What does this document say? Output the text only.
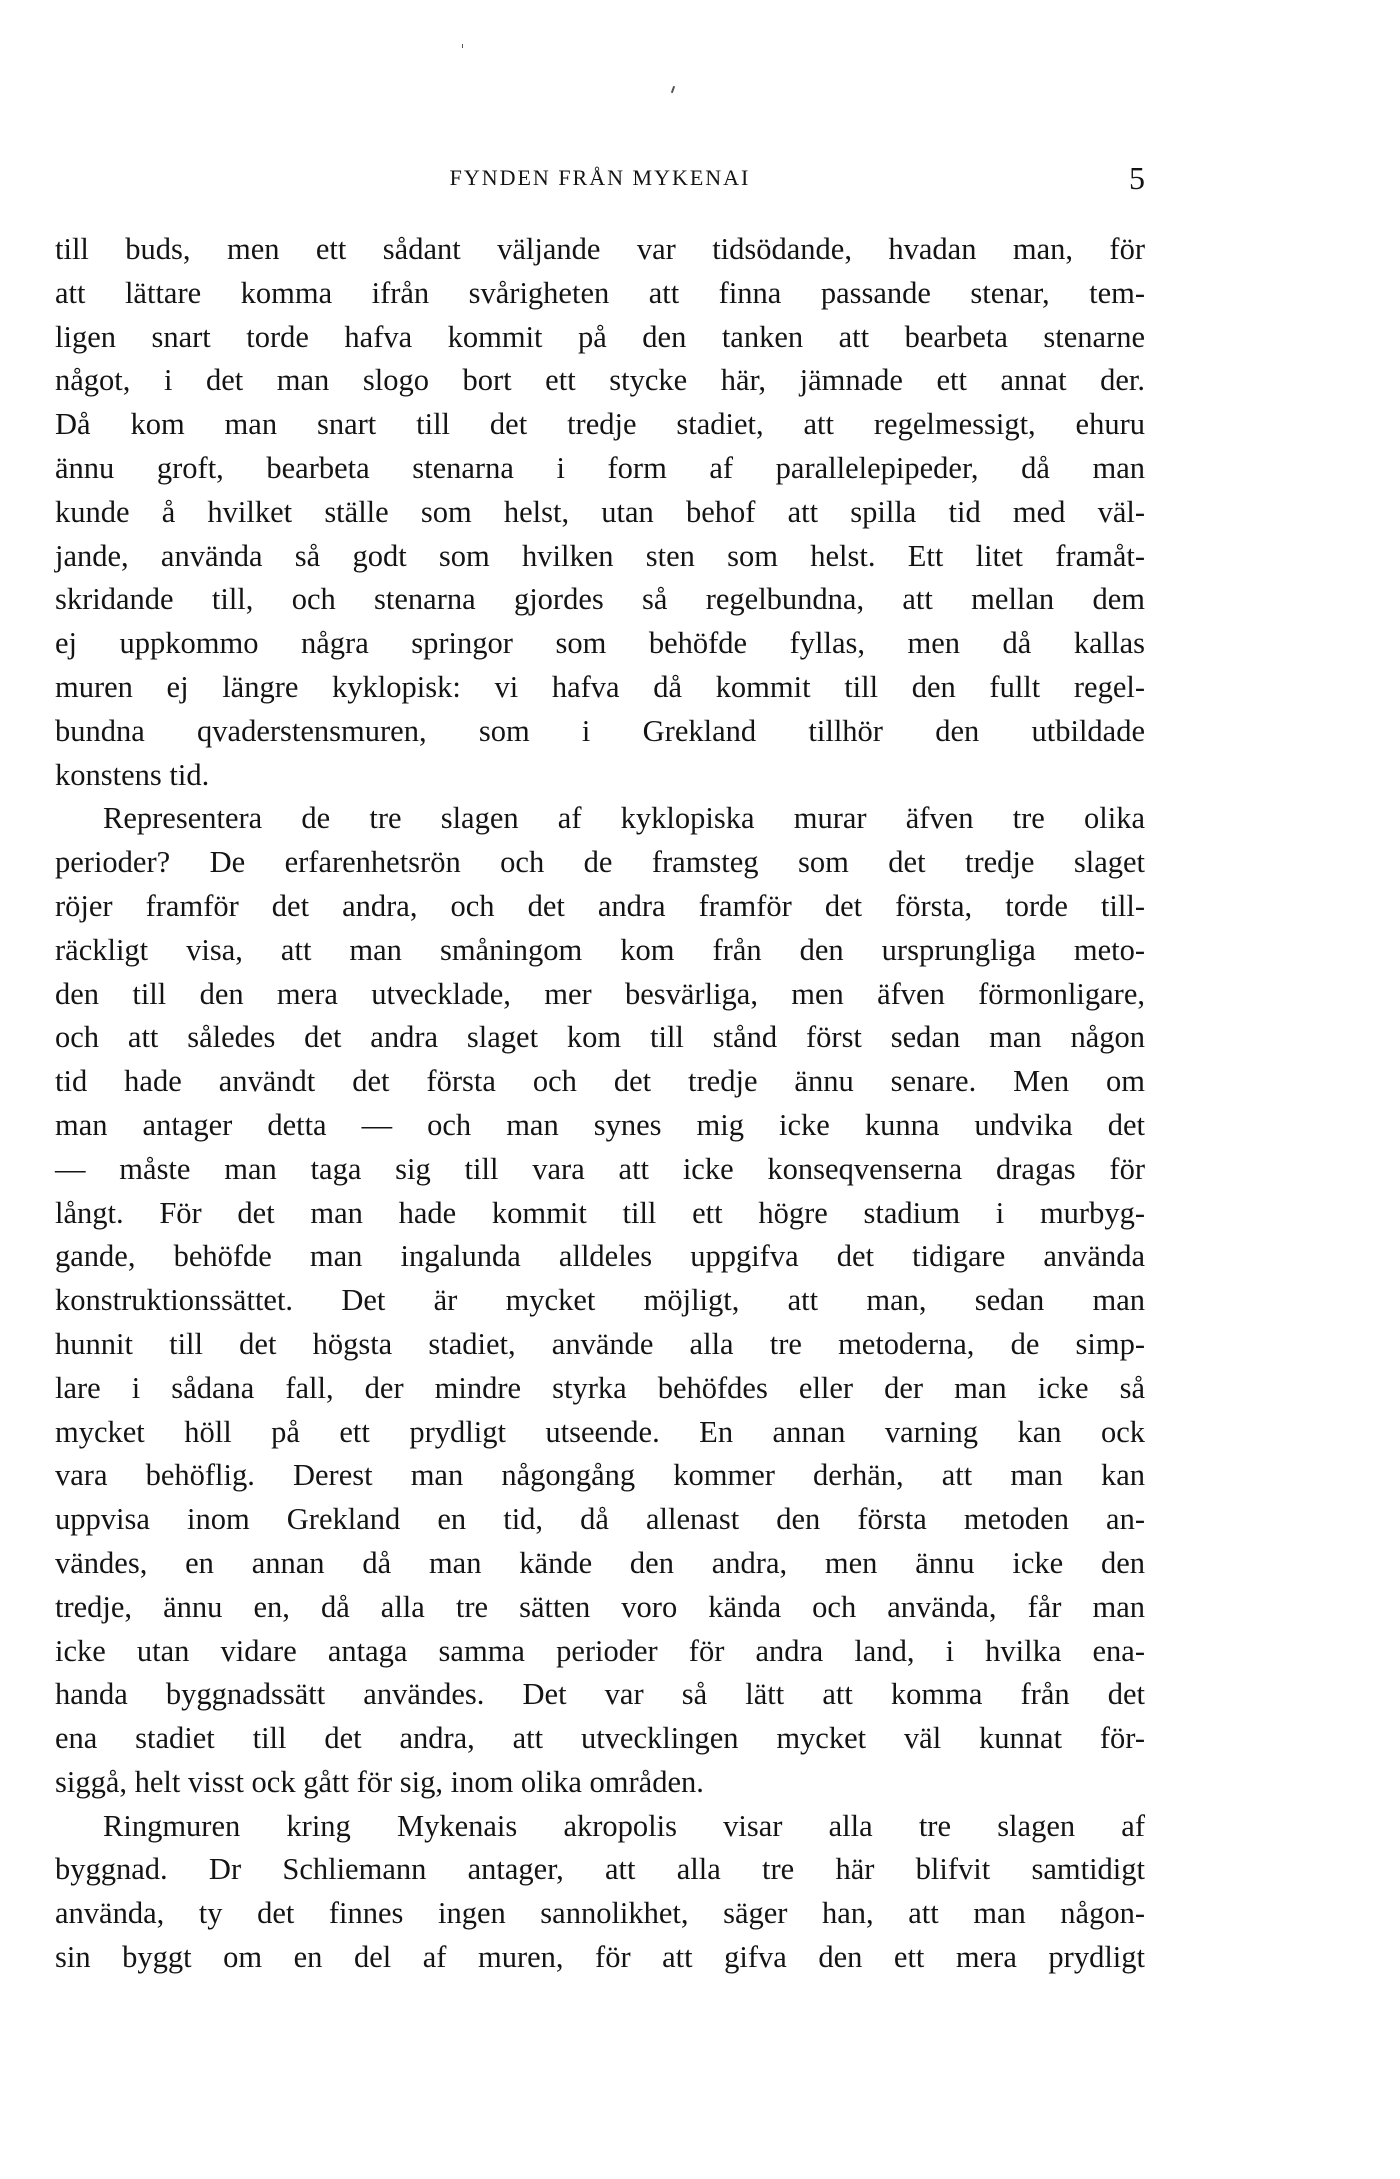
FYNDEN FRÅN MYKENAI	5
till buds, men ett sådant väljande var tidsödande, hvadan man, för
att lättare komma ifrån svårigheten att finna passande stenar, tem-
ligen snart torde hafva kommit på den tanken att bearbeta stenarne
något, i det man slogo bort ett stycke här, jämnade ett annat der.
Då kom man snart till det tredje stadiet, att regelmessigt, ehuru
ännu groft, bearbeta stenarna i form af parallelepipeder, då man
kunde å hvilket ställe som helst, utan behof att spilla tid med väl-
jande, använda så godt som hvilken sten som helst. Ett litet framåt-
skridande till, och stenarna gjordes så regelbundna, att mellan dem
ej uppkommo några springor som behöfde fyllas, men då kallas
muren ej längre kyklopisk: vi hafva då kommit till den fullt regel-
bundna qvaderstensmuren, som i Grekland tillhör den utbildade
konstens tid.
Representera de tre slagen af kyklopiska murar äfven tre olika
perioder? De erfarenhetsrön och de framsteg som det tredje slaget
röjer framför det andra, och det andra framför det första, torde till-
räckligt visa, att man småningom kom från den ursprungliga meto-
den till den mera utvecklade, mer besvärliga, men äfven förmonligare,
och att således det andra slaget kom till stånd först sedan man någon
tid hade användt det första och det tredje ännu senare. Men om
man antager detta — och man synes mig icke kunna undvika det
— måste man taga sig till vara att icke konseqvenserna dragas för
långt. För det man hade kommit till ett högre stadium i murbyg-
gande, behöfde man ingalunda alldeles uppgifva det tidigare använda
konstruktionssättet. Det är mycket möjligt, att man, sedan man
hunnit till det högsta stadiet, använde alla tre metoderna, de simp-
lare i sådana fall, der mindre styrka behöfdes eller der man icke så
mycket höll på ett prydligt utseende. En annan varning kan ock
vara behöflig. Derest man någongång kommer derhän, att man kan
uppvisa inom Grekland en tid, då allenast den första metoden an-
vändes, en annan då man kände den andra, men ännu icke den
tredje, ännu en, då alla tre sätten voro kända och använda, får man
icke utan vidare antaga samma perioder för andra land, i hvilka ena-
handa byggnadssätt användes. Det var så lätt att komma från det
ena stadiet till det andra, att utvecklingen mycket väl kunnat för-
siggå, helt visst ock gått för sig, inom olika områden.
Ringmuren kring Mykenais akropolis visar alla tre slagen af
byggnad. Dr Schliemann antager, att alla tre här blifvit samtidigt
använda, ty det finnes ingen sannolikhet, säger han, att man någon-
sin byggt om en del af muren, för att gifva den ett mera prydligt
